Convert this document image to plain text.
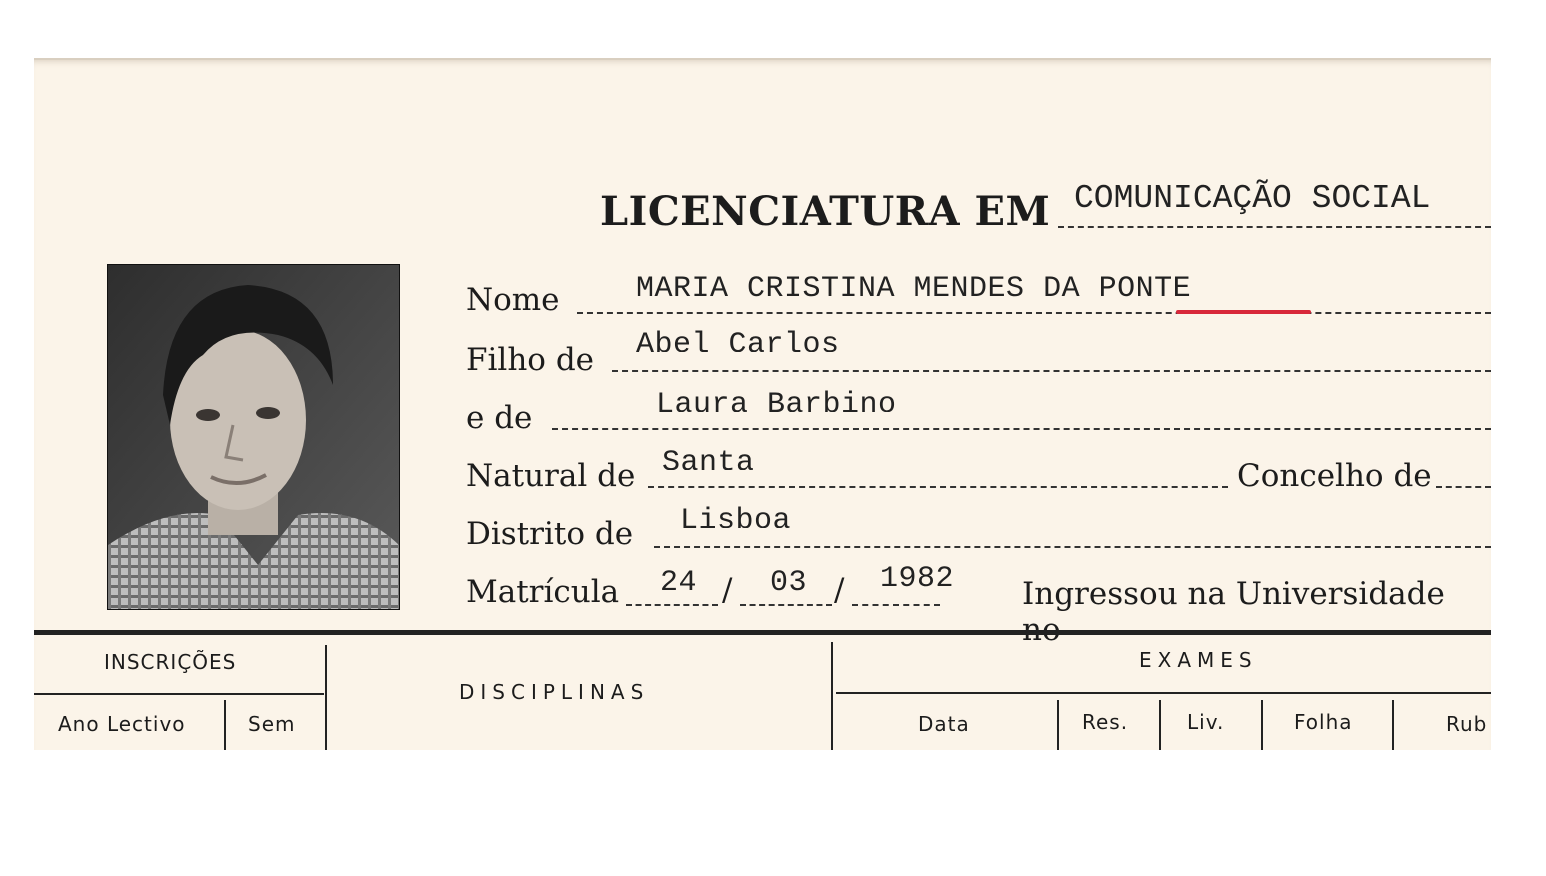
LICENCIATURA EM COMUNICAÇÃO SOCIAL
Nome	MARIA CRISTINA MENDES DA PONTE
Filho de Abel Carlos
e de	Laura Barbino
Natural de Santa	Concelho de
Distrito de Lisboa
Matrícula 24 / 03 / 1982 Ingressou na Universidade
INSCRIÇÕES
Ano Lectivo	Sem
DISCIPLINAS
EXAMES
Data	Res.	Liv.	Folha	Rub
